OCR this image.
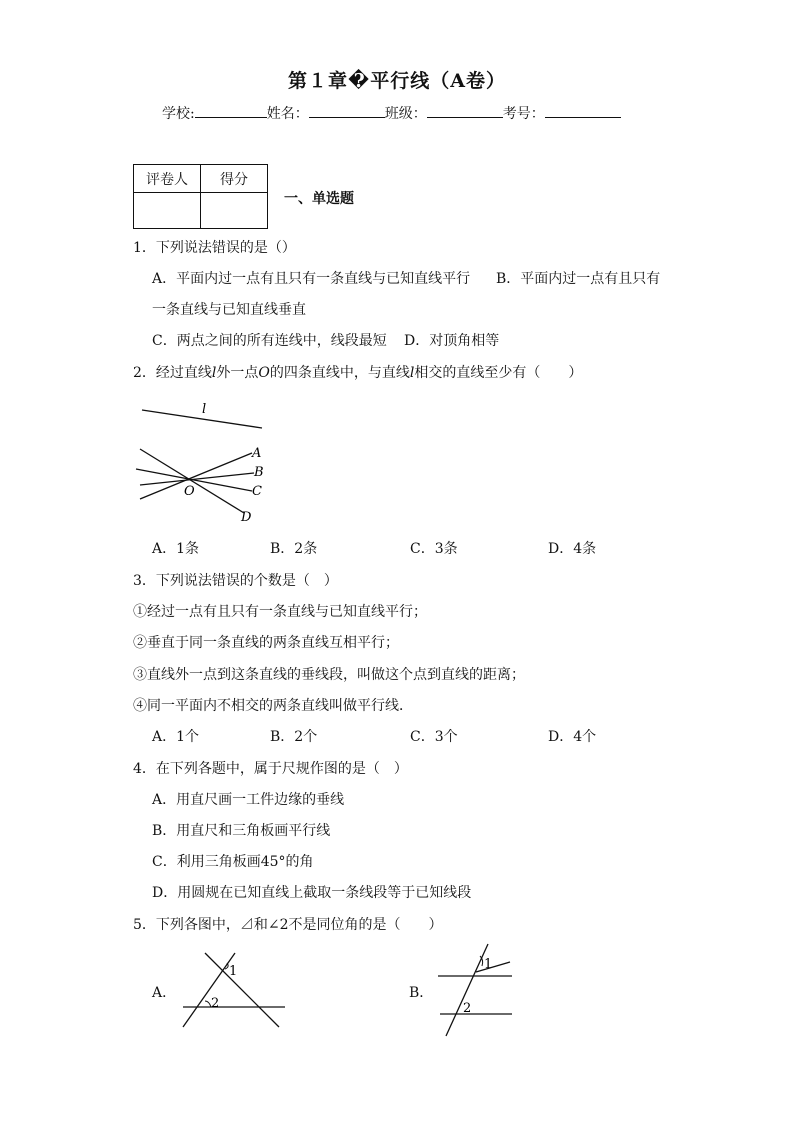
第１章�平行线（A卷）
学校:	姓名：	班级：	考号：
评卷人	得分

一、单选题
1．下列说法错误的是（）
A．平面内过一点有且只有一条直线与已知直线平行 B．平面内过一点有且只有
一条直线与已知直线垂直
C．两点之间的所有连线中，线段最短 D．对顶角相等
2．经过直线l外一点O的四条直线中，与直线l相交的直线至少有（　　）
l
A
B
C
D
O
A．1条	B．2条	C．3条	D．4条
3．下列说法错误的个数是（　）
①经过一点有且只有一条直线与已知直线平行；
②垂直于同一条直线的两条直线互相平行；
③直线外一点到这条直线的垂线段，叫做这个点到直线的距离；
④同一平面内不相交的两条直线叫做平行线．
A．1个	B．2个	C．3个	D．4个
4．在下列各题中，属于尺规作图的是（　）
A．用直尺画一工件边缘的垂线
B．用直尺和三角板画平行线
C．利用三角板画45°的角
D．用圆规在已知直线上截取一条线段等于已知线段
5．下列各图中，⊿和∠2不是同位角的是（　　）
A．
1
2
B．
1
2
